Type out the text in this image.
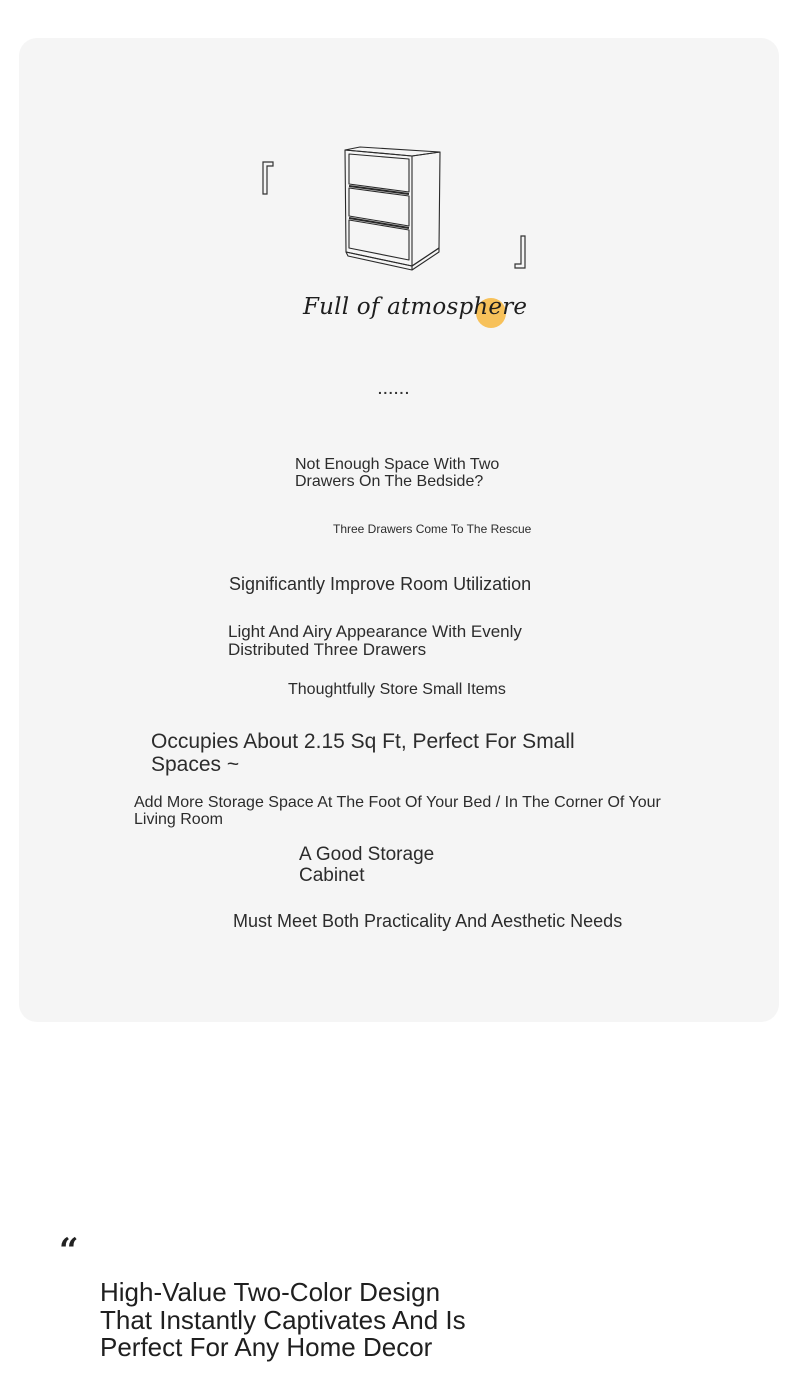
Full of atmosphere
......
Not Enough Space With Two Drawers On The Bedside?
Three Drawers Come To The Rescue
Significantly Improve Room Utilization
Light And Airy Appearance With Evenly Distributed Three Drawers
Thoughtfully Store Small Items
Occupies About 2.15 Sq Ft, Perfect For Small Spaces ~
Add More Storage Space At The Foot Of Your Bed / In The Corner Of Your Living Room
A Good Storage Cabinet
Must Meet Both Practicality And Aesthetic Needs
“
High-Value Two-Color Design That Instantly Captivates And Is Perfect For Any Home Decor
